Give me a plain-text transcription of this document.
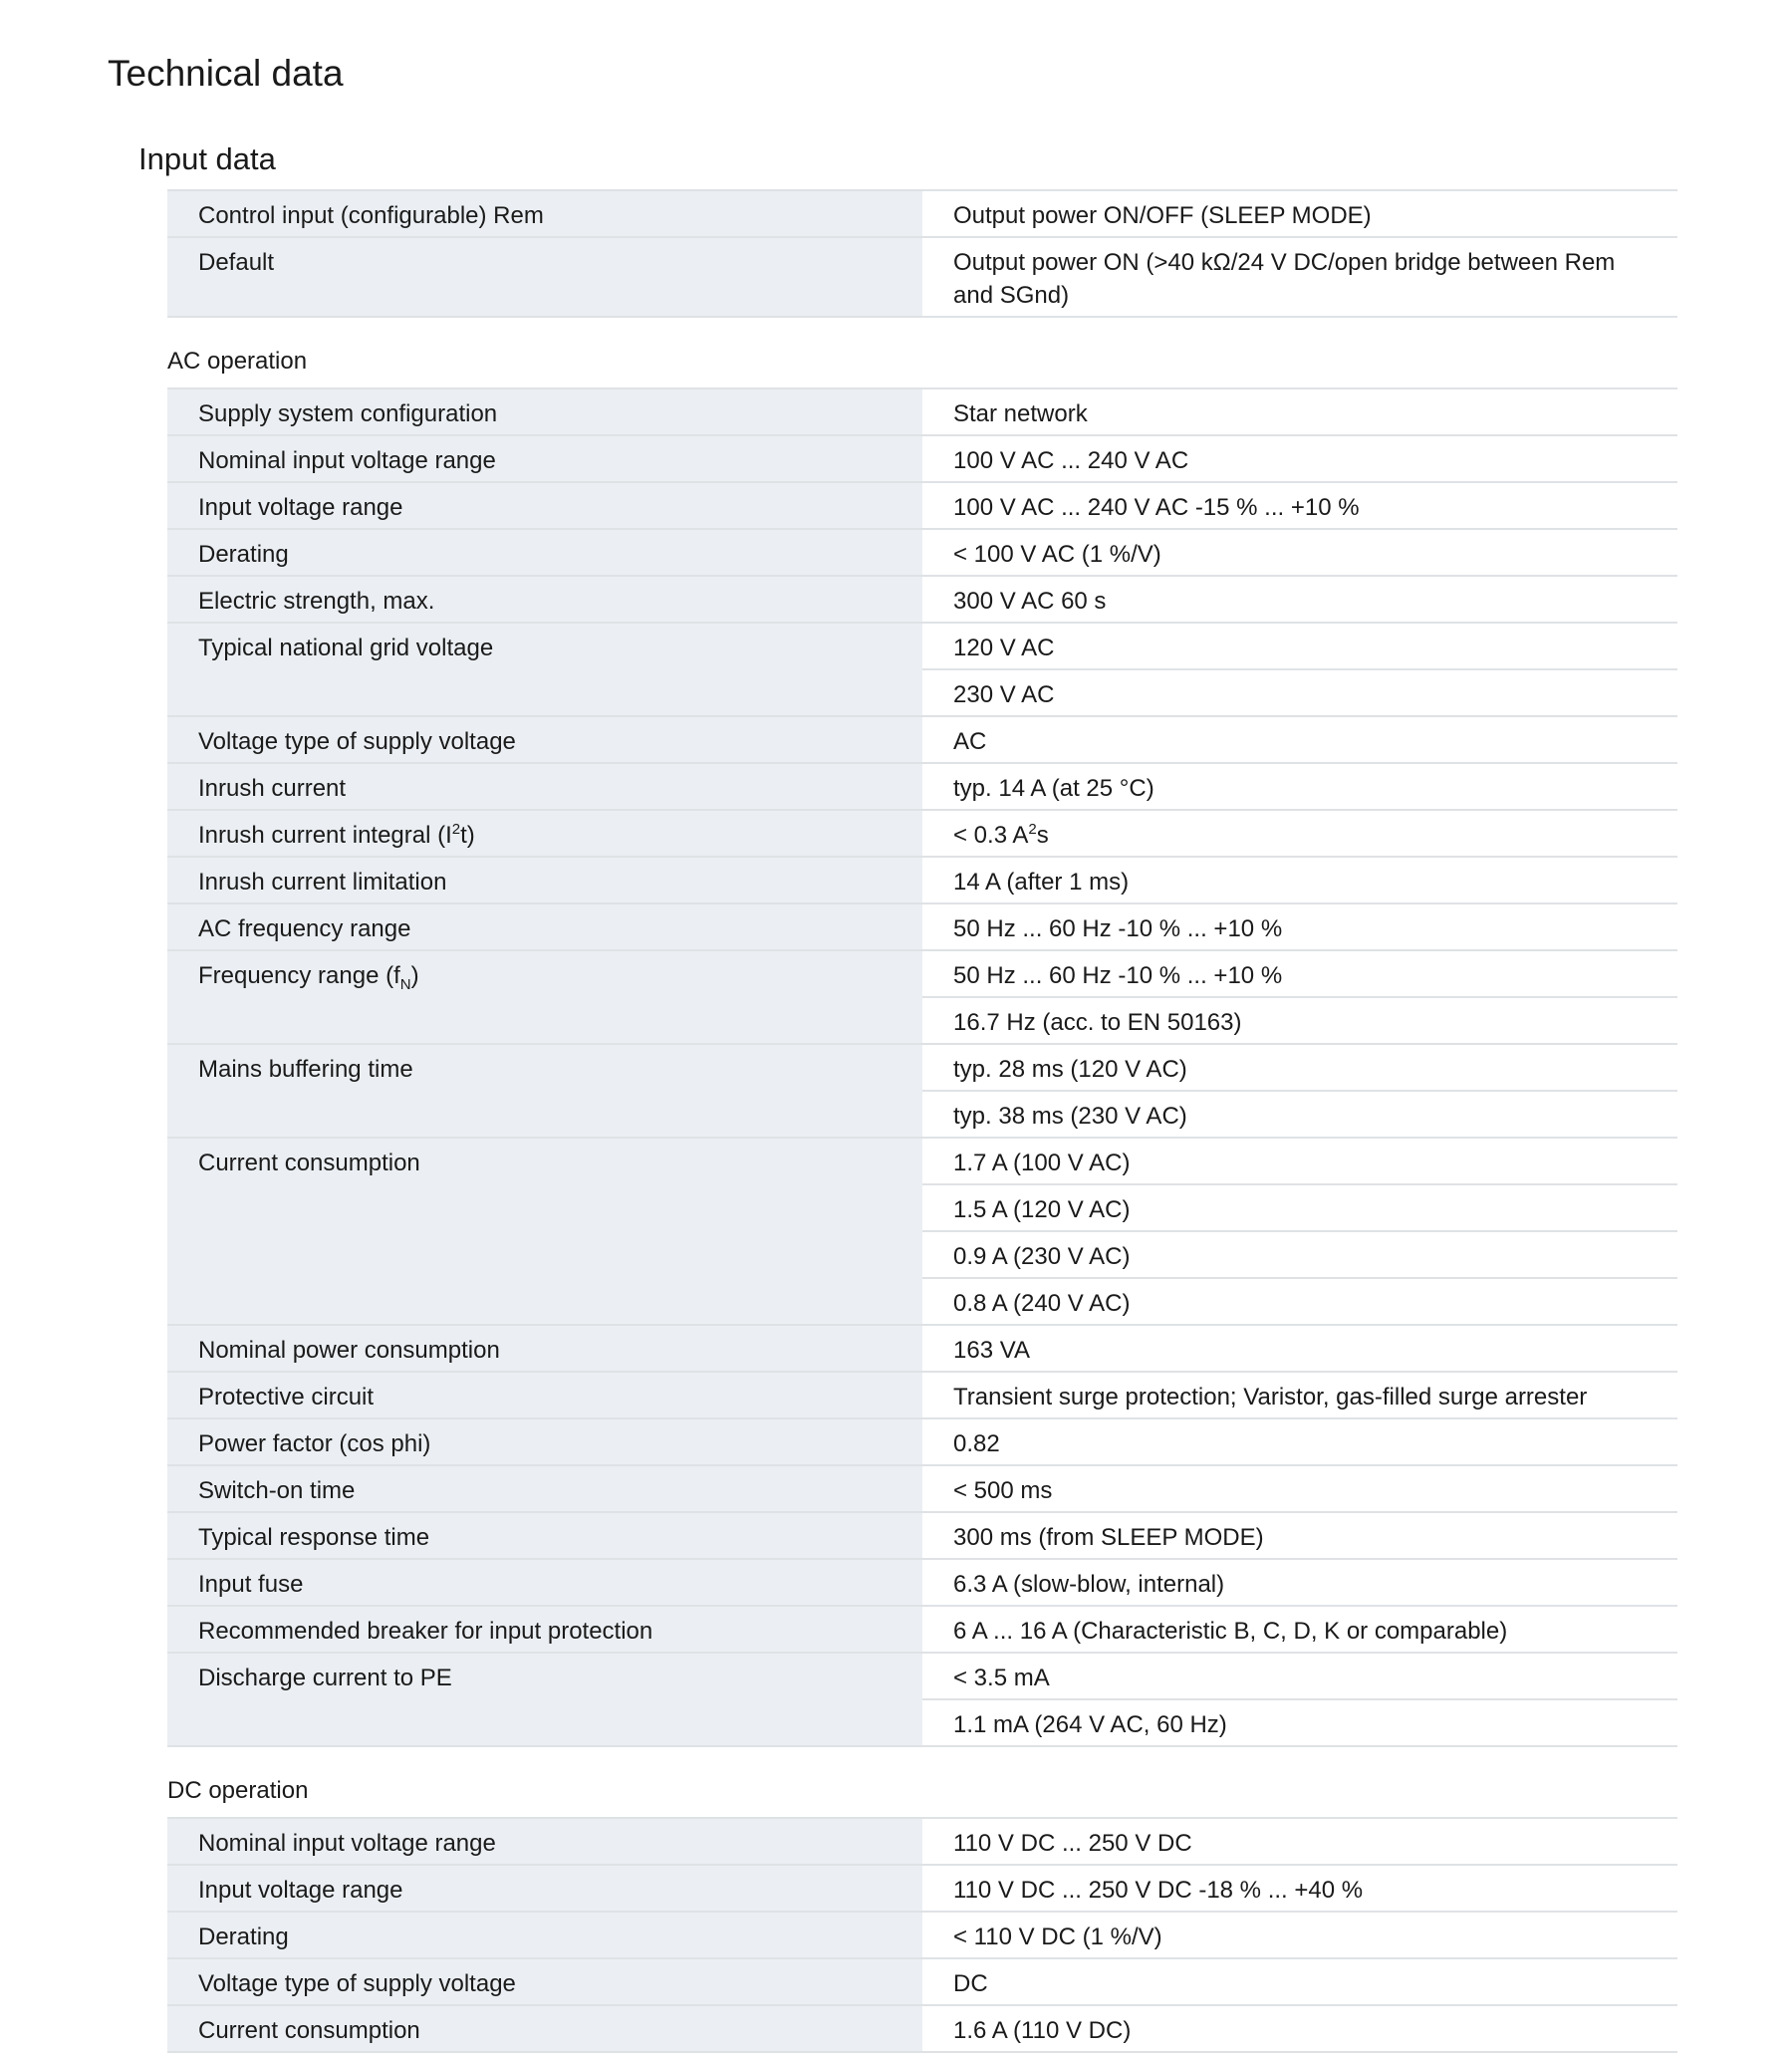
Technical data
Input data
Control input (configurable) Rem	Output power ON/OFF (SLEEP MODE)
Default	Output power ON (>40 kΩ/24 V DC/open bridge between Rem and SGnd)
AC operation
Supply system configuration	Star network
Nominal input voltage range	100 V AC ... 240 V AC
Input voltage range	100 V AC ... 240 V AC -15 % ... +10 %
Derating	< 100 V AC (1 %/V)
Electric strength, max.	300 V AC 60 s
Typical national grid voltage	120 V AC
	230 V AC
Voltage type of supply voltage	AC
Inrush current	typ. 14 A (at 25 °C)
Inrush current integral $(I^2t)$	< 0.3 $A^2s$
Inrush current limitation	14 A (after 1 ms)
AC frequency range	50 Hz ... 60 Hz -10 % ... +10 %
Frequency range $(f_N)$	50 Hz ... 60 Hz -10 % ... +10 %
	16.7 Hz (acc. to EN 50163)
Mains buffering time	typ. 28 ms (120 V AC)
	typ. 38 ms (230 V AC)
Current consumption	1.7 A (100 V AC)
	1.5 A (120 V AC)
	0.9 A (230 V AC)
	0.8 A (240 V AC)
Nominal power consumption	163 VA
Protective circuit	Transient surge protection; Varistor, gas-filled surge arrester
Power factor (cos phi)	0.82
Switch-on time	< 500 ms
Typical response time	300 ms (from SLEEP MODE)
Input fuse	6.3 A (slow-blow, internal)
Recommended breaker for input protection	6 A ... 16 A (Characteristic B, C, D, K or comparable)
Discharge current to PE	< 3.5 mA
	1.1 mA (264 V AC, 60 Hz)
DC operation
Nominal input voltage range	110 V DC ... 250 V DC
Input voltage range	110 V DC ... 250 V DC -18 % ... +40 %
Derating	< 110 V DC (1 %/V)
Voltage type of supply voltage	DC
Current consumption	1.6 A (110 V DC)
